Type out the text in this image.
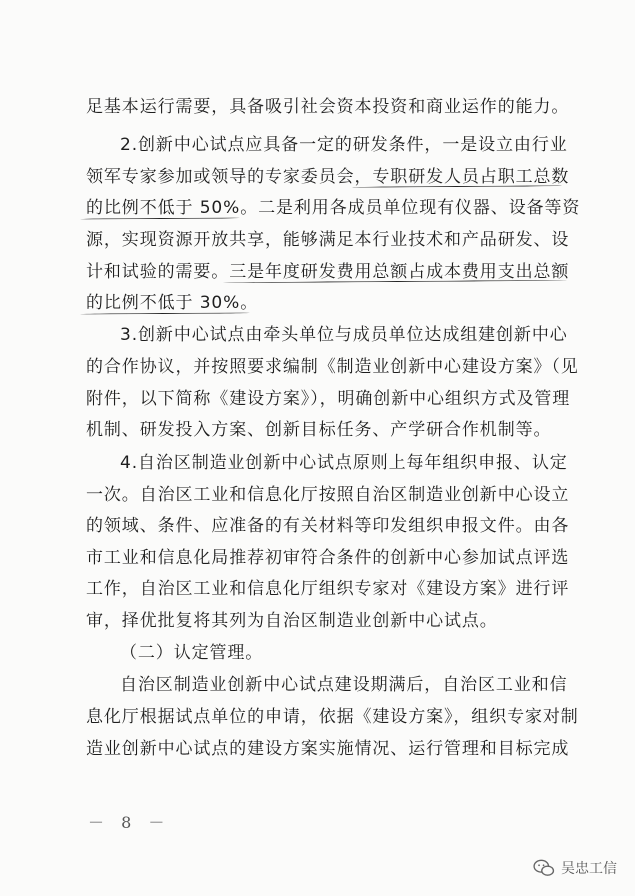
足基本运行需要，具备吸引社会资本投资和商业运作的能力。
2.创新中心试点应具备一定的研发条件，一是设立由行业
领军专家参加或领导的专家委员会，专职研发人员占职工总数
的比例不低于 50%。二是利用各成员单位现有仪器、设备等资
源，实现资源开放共享，能够满足本行业技术和产品研发、设
计和试验的需要。三是年度研发费用总额占成本费用支出总额
的比例不低于 30%。
3.创新中心试点由牵头单位与成员单位达成组建创新中心
的合作协议，并按照要求编制《制造业创新中心建设方案》（见
附件，以下简称《建设方案》），明确创新中心组织方式及管理
机制、研发投入方案、创新目标任务、产学研合作机制等。
4.自治区制造业创新中心试点原则上每年组织申报、认定
一次。自治区工业和信息化厅按照自治区制造业创新中心设立
的领域、条件、应准备的有关材料等印发组织申报文件。由各
市工业和信息化局推荐初审符合条件的创新中心参加试点评选
工作，自治区工业和信息化厅组织专家对《建设方案》进行评
审，择优批复将其列为自治区制造业创新中心试点。
（二）认定管理。
自治区制造业创新中心试点建设期满后，自治区工业和信
息化厅根据试点单位的申请，依据《建设方案》，组织专家对制
造业创新中心试点的建设方案实施情况、运行管理和目标完成
－ 8 －
吴忠工信
